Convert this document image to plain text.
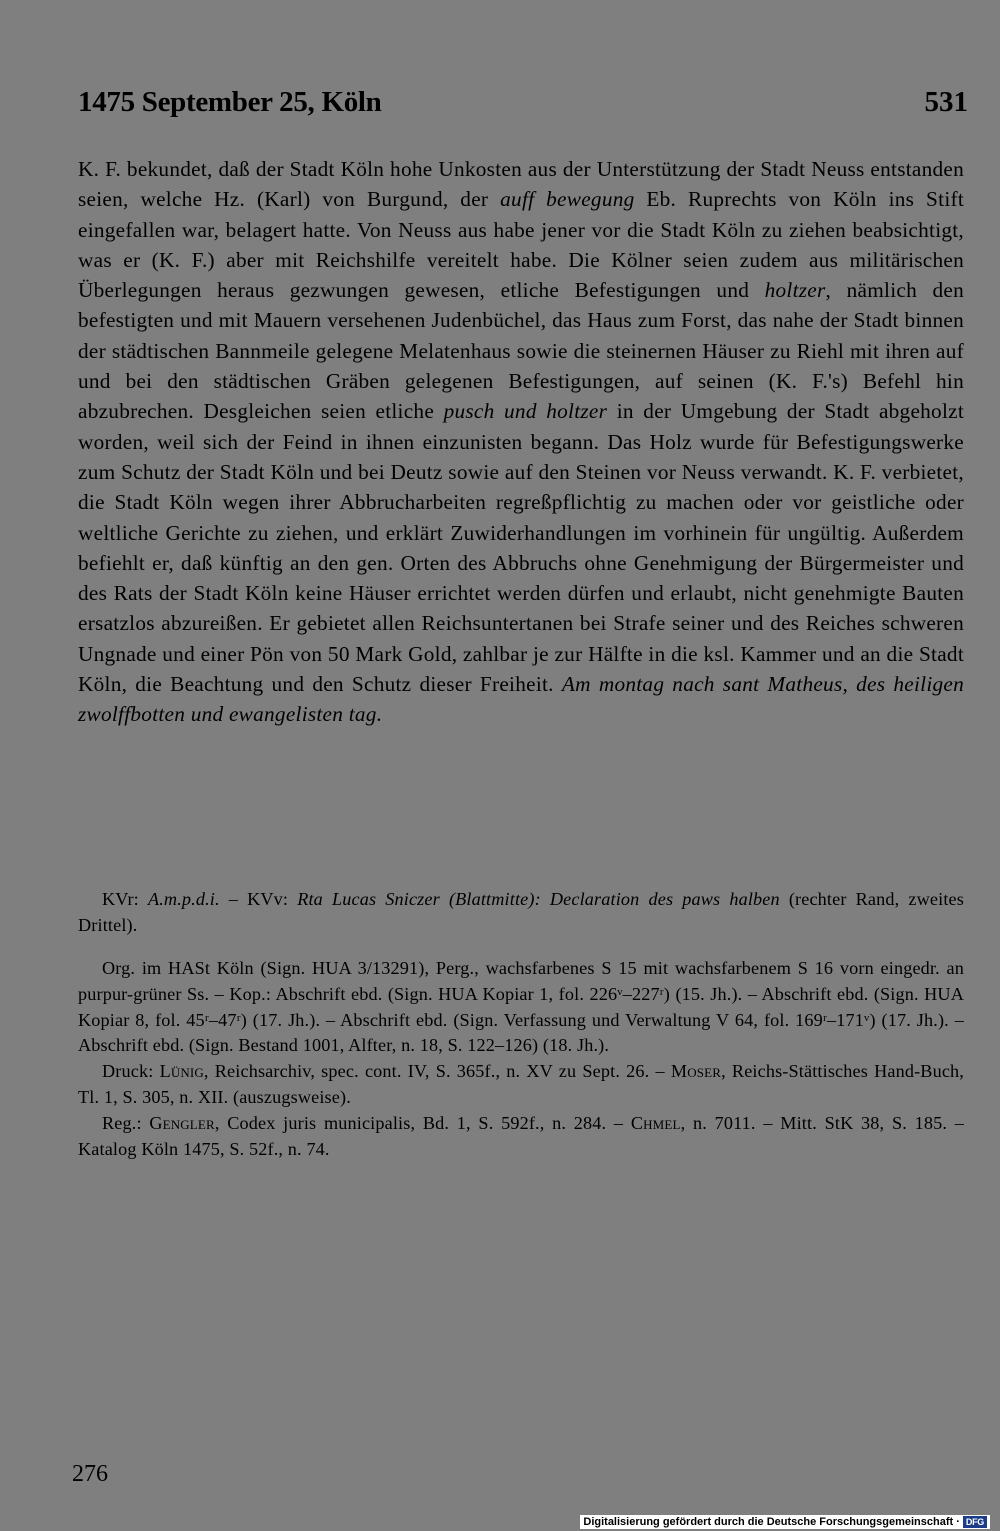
1475 September 25, Köln	531

K. F. bekundet, daß der Stadt Köln hohe Unkosten aus der Unterstützung der Stadt Neuss entstanden seien, welche Hz. (Karl) von Burgund, der auff bewegung Eb. Ruprechts von Köln ins Stift eingefallen war, belagert hatte. Von Neuss aus habe jener vor die Stadt Köln zu ziehen beabsichtigt, was er (K. F.) aber mit Reichshilfe vereitelt habe. Die Kölner seien zudem aus militärischen Überlegungen heraus gezwungen gewesen, etliche Befestigungen und holtzer, nämlich den befestigten und mit Mauern versehenen Judenbüchel, das Haus zum Forst, das nahe der Stadt binnen der städtischen Bannmeile gelegene Melatenhaus sowie die steinernen Häuser zu Riehl mit ihren auf und bei den städtischen Gräben gelegenen Befestigungen, auf seinen (K. F.'s) Befehl hin abzubrechen. Desgleichen seien etliche pusch und holtzer in der Umgebung der Stadt abgeholzt worden, weil sich der Feind in ihnen einzunisten begann. Das Holz wurde für Befestigungswerke zum Schutz der Stadt Köln und bei Deutz sowie auf den Steinen vor Neuss verwandt. K. F. verbietet, die Stadt Köln wegen ihrer Abbrucharbeiten regreßpflichtig zu machen oder vor geistliche oder weltliche Gerichte zu ziehen, und erklärt Zuwiderhandlungen im vorhinein für ungültig. Außerdem befiehlt er, daß künftig an den gen. Orten des Abbruchs ohne Genehmigung der Bürgermeister und des Rats der Stadt Köln keine Häuser errichtet werden dürfen und erlaubt, nicht genehmigte Bauten ersatzlos abzureißen. Er gebietet allen Reichsuntertanen bei Strafe seiner und des Reiches schweren Ungnade und einer Pön von 50 Mark Gold, zahlbar je zur Hälfte in die ksl. Kammer und an die Stadt Köln, die Beachtung und den Schutz dieser Freiheit. Am montag nach sant Matheus, des heiligen zwolffbotten und ewangelisten tag.

KVr: A.m.p.d.i. – KVv: Rta Lucas Sniczer (Blattmitte): Declaration des paws halben (rechter Rand, zweites Drittel).

Org. im HASt Köln (Sign. HUA 3/13291), Perg., wachsfarbenes S 15 mit wachsfarbenem S 16 vorn eingedr. an purpur-grüner Ss. – Kop.: Abschrift ebd. (Sign. HUA Kopiar 1, fol. 226ᵛ–227ʳ) (15. Jh.). – Abschrift ebd. (Sign. HUA Kopiar 8, fol. 45ʳ–47ʳ) (17. Jh.). – Abschrift ebd. (Sign. Verfassung und Verwaltung V 64, fol. 169ʳ–171ᵛ) (17. Jh.). – Abschrift ebd. (Sign. Bestand 1001, Alfter, n. 18, S. 122–126) (18. Jh.).

Druck: Lünig, Reichsarchiv, spec. cont. IV, S. 365f., n. XV zu Sept. 26. – Moser, Reichs-Stättisches Hand-Buch, Tl. 1, S. 305, n. XII. (auszugsweise).

Reg.: Gengler, Codex juris municipalis, Bd. 1, S. 592f., n. 284. – Chmel, n. 7011. – Mitt. StK 38, S. 185. – Katalog Köln 1475, S. 52f., n. 74.

276
Digitalisierung gefördert durch die Deutsche Forschungsgemeinschaft · DFG
